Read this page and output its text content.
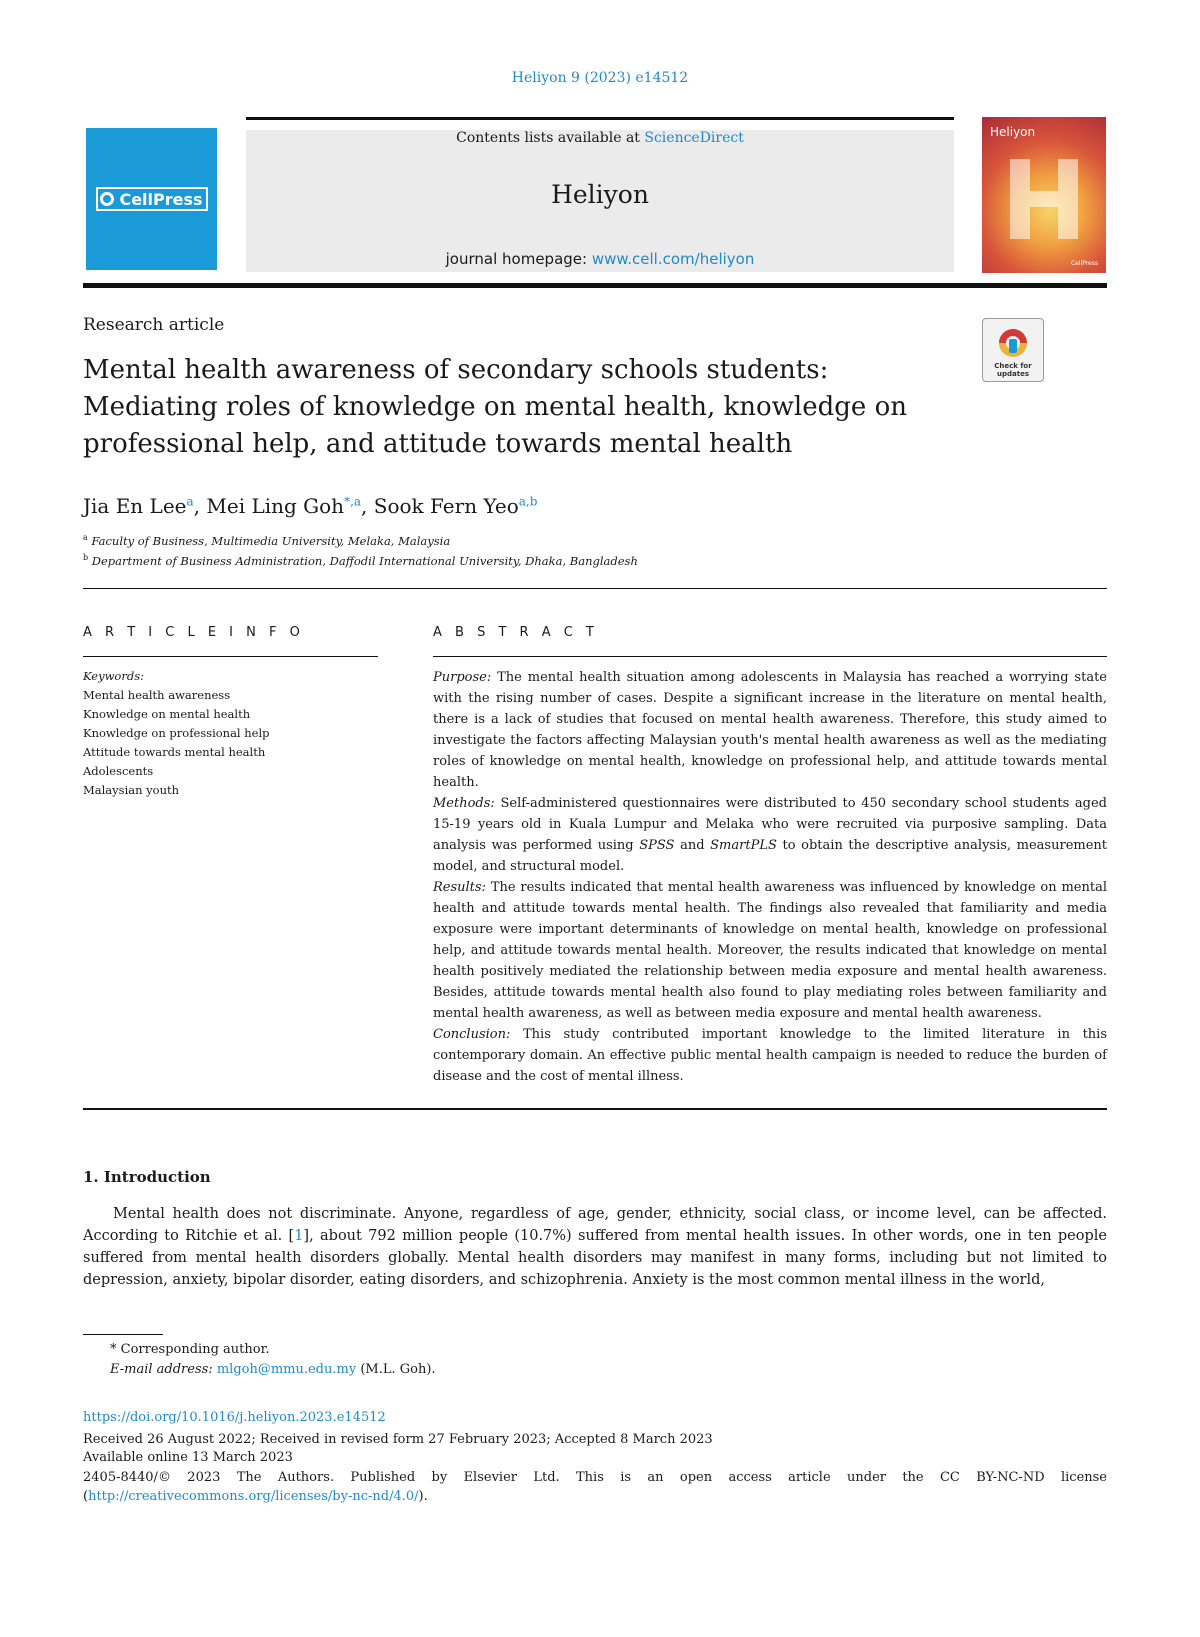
Heliyon 9 (2023) e14512
CellPress
Contents lists available at ScienceDirect
Heliyon
journal homepage: www.cell.com/heliyon
Heliyon
CellPress
Research article
Check for
updates
Mental health awareness of secondary schools students: Mediating roles of knowledge on mental health, knowledge on professional help, and attitude towards mental health
Jia En Lee$^a$, Mei Ling Goh$^{*,a}$, Sook Fern Yeo$^{a,b}$
$^a$ Faculty of Business, Multimedia University, Melaka, Malaysia
$^b$ Department of Business Administration, Daffodil International University, Dhaka, Bangladesh
A R T I C L E I N F O	A B S T R A C T
Keywords:
Mental health awareness
Knowledge on mental health
Knowledge on professional help
Attitude towards mental health
Adolescents
Malaysian youth

Purpose: The mental health situation among adolescents in Malaysia has reached a worrying state with the rising number of cases. Despite a significant increase in the literature on mental health, there is a lack of studies that focused on mental health awareness. Therefore, this study aimed to investigate the factors affecting Malaysian youth's mental health awareness as well as the mediating roles of knowledge on mental health, knowledge on professional help, and attitude towards mental health.

Methods: Self-administered questionnaires were distributed to 450 secondary school students aged 15-19 years old in Kuala Lumpur and Melaka who were recruited via purposive sampling. Data analysis was performed using SPSS and SmartPLS to obtain the descriptive analysis, measurement model, and structural model.

Results: The results indicated that mental health awareness was influenced by knowledge on mental health and attitude towards mental health. The findings also revealed that familiarity and media exposure were important determinants of knowledge on mental health, knowledge on professional help, and attitude towards mental health. Moreover, the results indicated that knowledge on mental health positively mediated the relationship between media exposure and mental health awareness. Besides, attitude towards mental health also found to play mediating roles between familiarity and mental health awareness, as well as between media exposure and mental health awareness.

Conclusion: This study contributed important knowledge to the limited literature in this contemporary domain. An effective public mental health campaign is needed to reduce the burden of disease and the cost of mental illness.

1. Introduction

Mental health does not discriminate. Anyone, regardless of age, gender, ethnicity, social class, or income level, can be affected. According to Ritchie et al. [1], about 792 million people (10.7%) suffered from mental health issues. In other words, one in ten people suffered from mental health disorders globally. Mental health disorders may manifest in many forms, including but not limited to depression, anxiety, bipolar disorder, eating disorders, and schizophrenia. Anxiety is the most common mental illness in the world,

* Corresponding author.
E-mail address: mlgoh@mmu.edu.my (M.L. Goh).
https://doi.org/10.1016/j.heliyon.2023.e14512
Received 26 August 2022; Received in revised form 27 February 2023; Accepted 8 March 2023
Available online 13 March 2023
2405-8440/© 2023 The Authors. Published by Elsevier Ltd. This is an open access article under the CC BY-NC-ND license (http://creativecommons.org/licenses/by-nc-nd/4.0/).
